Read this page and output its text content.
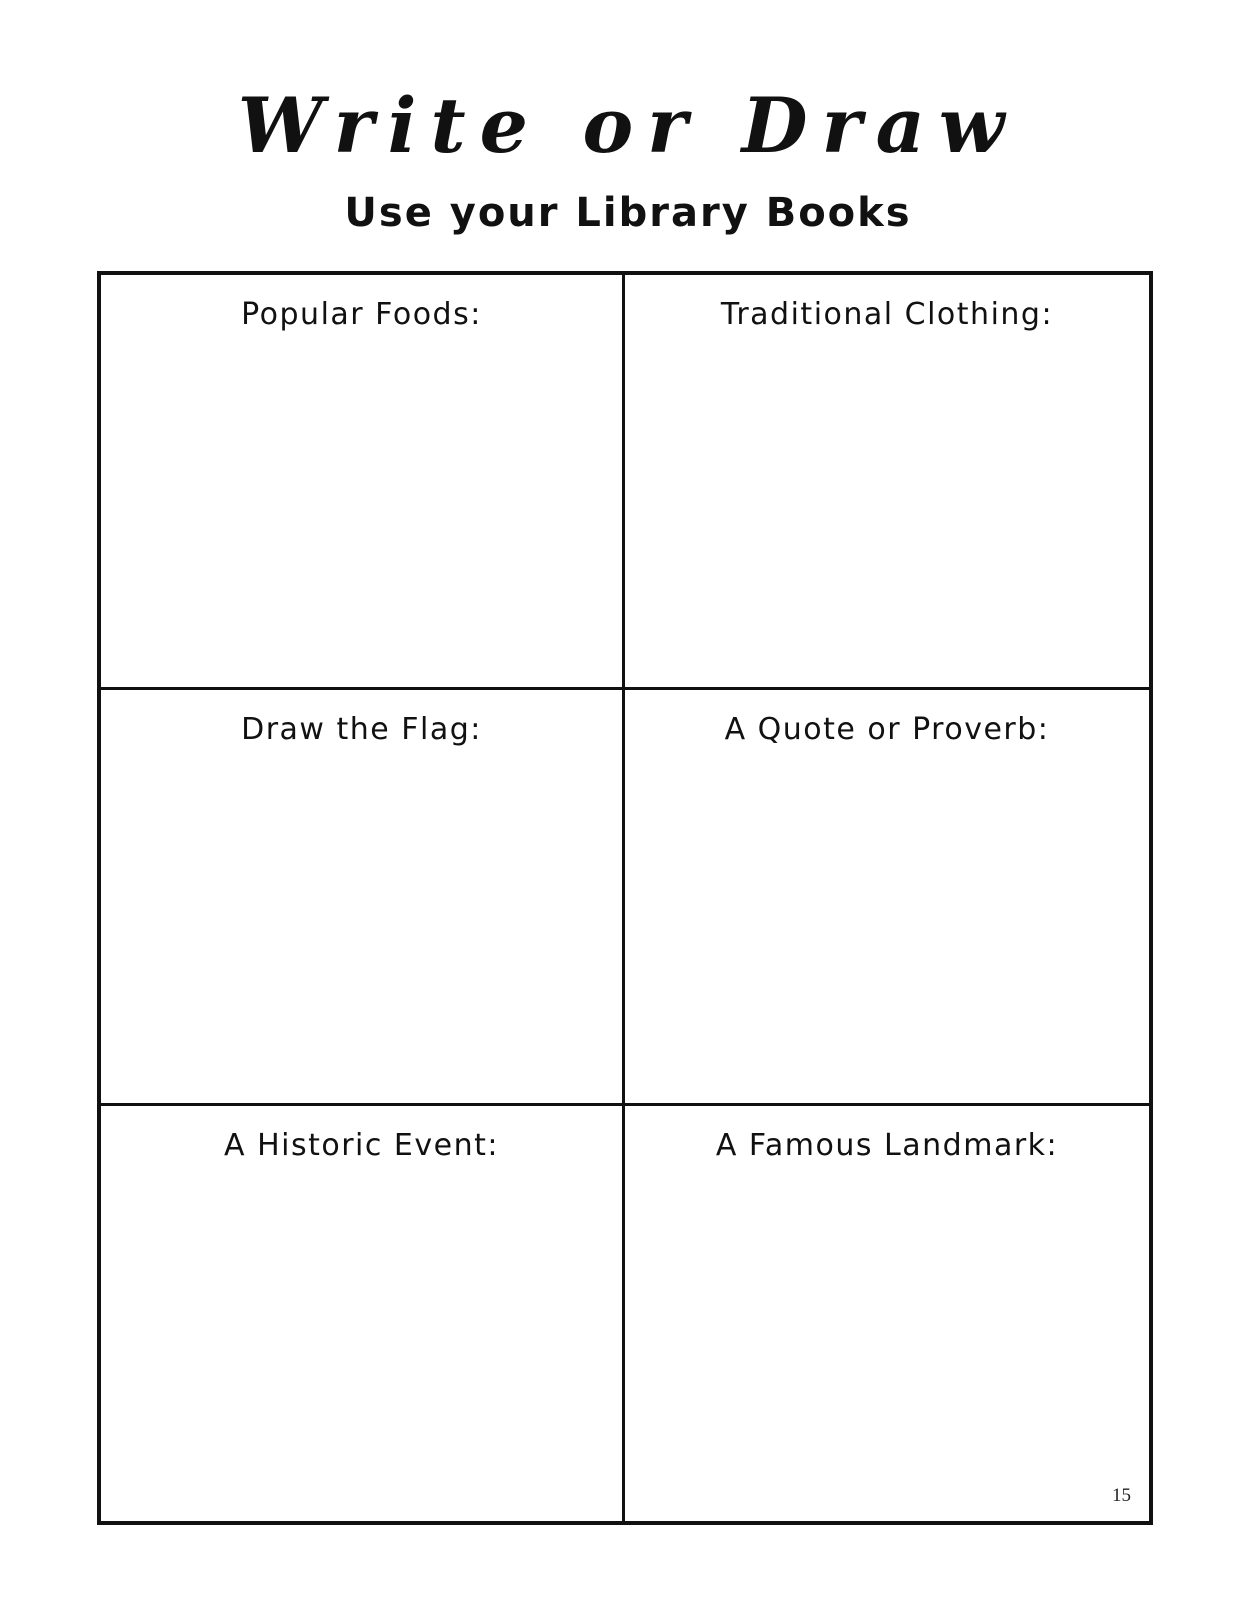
Write or Draw
Use your Library Books
Popular Foods:	Traditional Clothing:
Draw the Flag:	A Quote or Proverb:
A Historic Event:	A Famous Landmark:
15
